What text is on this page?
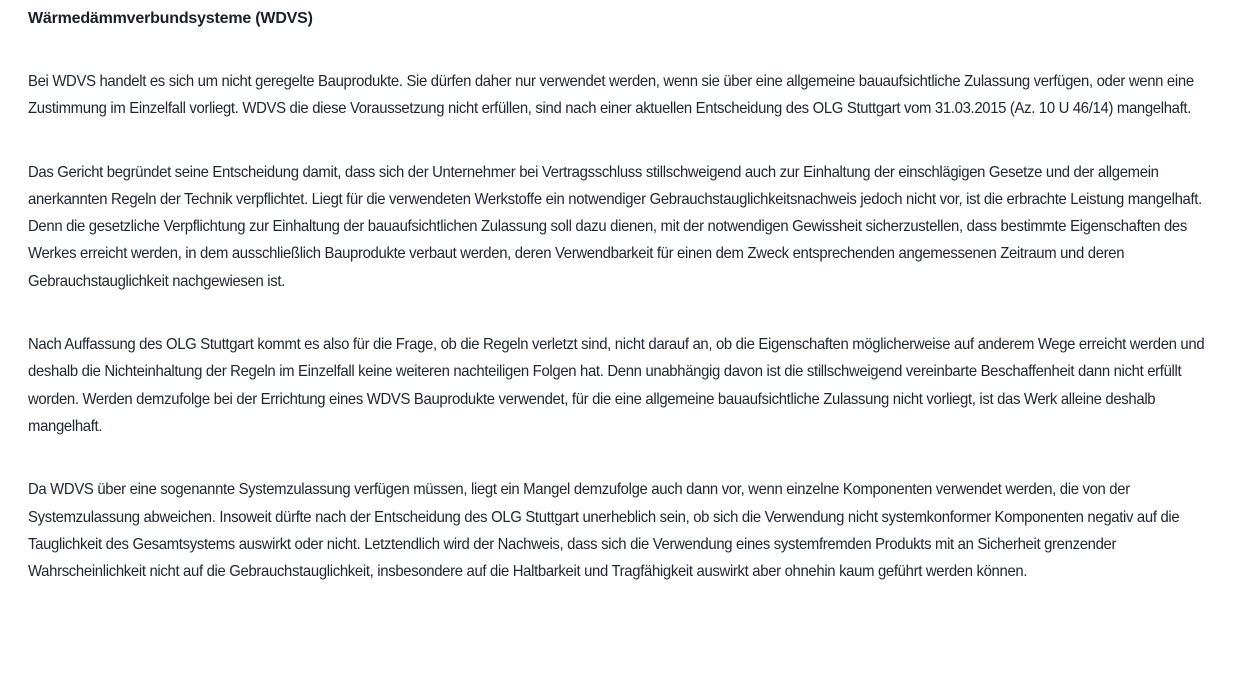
Wärmedämmverbundsysteme (WDVS)

Bei WDVS handelt es sich um nicht geregelte Bauprodukte. Sie dürfen daher nur verwendet werden, wenn sie über eine allgemeine bauaufsichtliche Zulassung verfügen, oder wenn eine Zustimmung im Einzelfall vorliegt. WDVS die diese Voraussetzung nicht erfüllen, sind nach einer aktuellen Entscheidung des OLG Stuttgart vom 31.03.2015 (Az. 10 U 46/14) mangelhaft.

Das Gericht begründet seine Entscheidung damit, dass sich der Unternehmer bei Vertragsschluss stillschweigend auch zur Einhaltung der einschlägigen Gesetze und der allgemein anerkannten Regeln der Technik verpflichtet. Liegt für die verwendeten Werkstoffe ein notwendiger Gebrauchstauglichkeitsnachweis jedoch nicht vor, ist die erbrachte Leistung mangelhaft. Denn die gesetzliche Verpflichtung zur Einhaltung der bauaufsichtlichen Zulassung soll dazu dienen, mit der notwendigen Gewissheit sicherzustellen, dass bestimmte Eigenschaften des Werkes erreicht werden, in dem ausschließlich Bauprodukte verbaut werden, deren Verwendbarkeit für einen dem Zweck entsprechenden angemessenen Zeitraum und deren Gebrauchstauglichkeit nachgewiesen ist.

Nach Auffassung des OLG Stuttgart kommt es also für die Frage, ob die Regeln verletzt sind, nicht darauf an, ob die Eigenschaften möglicherweise auf anderem Wege erreicht werden und deshalb die Nichteinhaltung der Regeln im Einzelfall keine weiteren nachteiligen Folgen hat. Denn unabhängig davon ist die stillschweigend vereinbarte Beschaffenheit dann nicht erfüllt worden. Werden demzufolge bei der Errichtung eines WDVS Bauprodukte verwendet, für die eine allgemeine bauaufsichtliche Zulassung nicht vorliegt, ist das Werk alleine deshalb mangelhaft.

Da WDVS über eine sogenannte Systemzulassung verfügen müssen, liegt ein Mangel demzufolge auch dann vor, wenn einzelne Komponenten verwendet werden, die von der Systemzulassung abweichen. Insoweit dürfte nach der Entscheidung des OLG Stuttgart unerheblich sein, ob sich die Verwendung nicht systemkonformer Komponenten negativ auf die Tauglichkeit des Gesamtsystems auswirkt oder nicht. Letztendlich wird der Nachweis, dass sich die Verwendung eines systemfremden Produkts mit an Sicherheit grenzender Wahrscheinlichkeit nicht auf die Gebrauchstauglichkeit, insbesondere auf die Haltbarkeit und Tragfähigkeit auswirkt aber ohnehin kaum geführt werden können.
